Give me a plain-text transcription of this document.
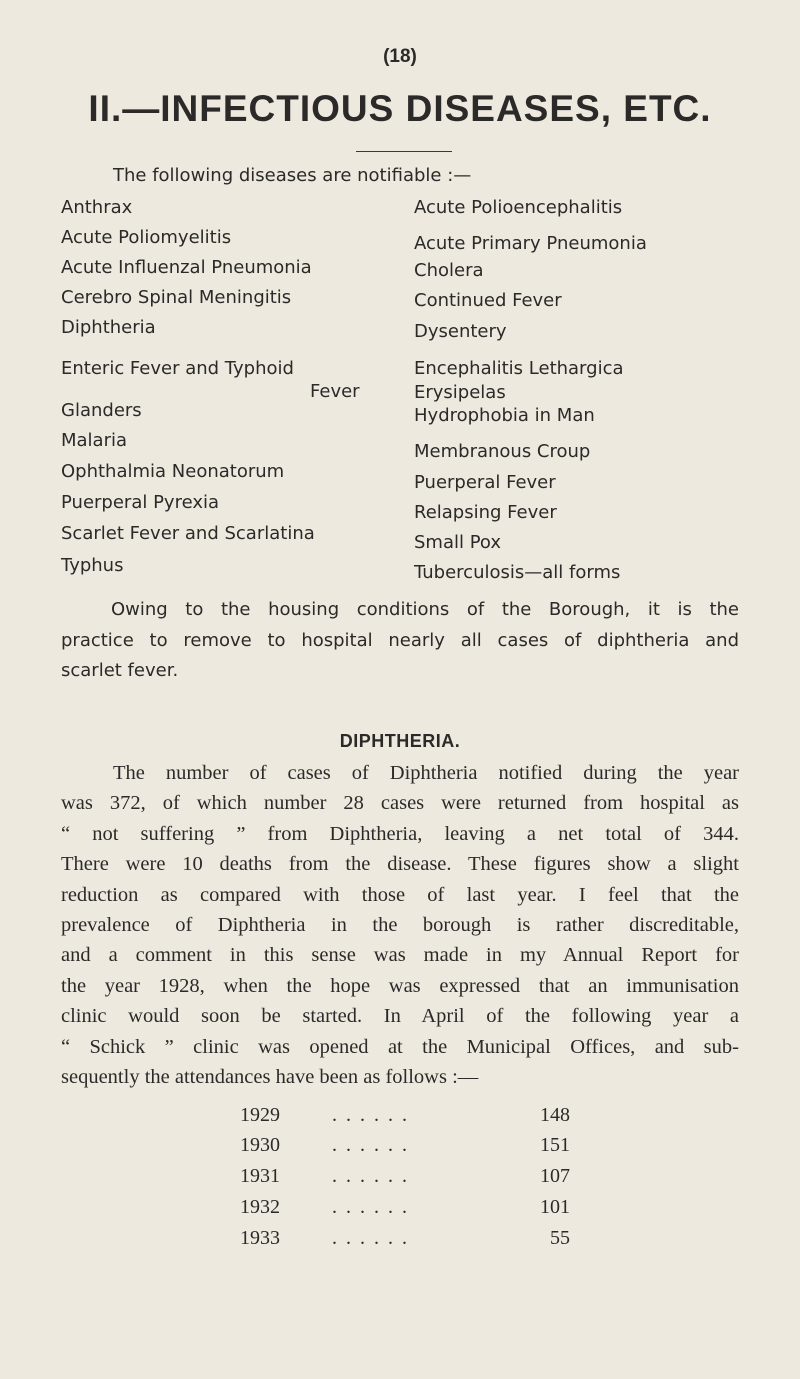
(18)
II.—INFECTIOUS DISEASES, ETC.
The following diseases are notifiable :—
Anthrax
Acute Poliomyelitis
Acute Influenzal Pneumonia
Cerebro Spinal Meningitis
Diphtheria
Enteric Fever and Typhoid
Glanders
Malaria
Ophthalmia Neonatorum
Puerperal Pyrexia
Scarlet Fever and Scarlatina
Typhus
Fever
Acute Polioencephalitis
Acute Primary Pneumonia
Cholera
Continued Fever
Dysentery
Encephalitis Lethargica
Erysipelas
Hydrophobia in Man
Membranous Croup
Puerperal Fever
Relapsing Fever
Small Pox
Tuberculosis—all forms
Owing to the housing conditions of the Borough, it is the
practice to remove to hospital nearly all cases of diphtheria and
scarlet fever.
DIPHTHERIA.
The number of cases of Diphtheria notified during the year
was 372, of which number 28 cases were returned from hospital as
“ not suffering ” from Diphtheria, leaving a net total of 344.
There were 10 deaths from the disease. These figures show a slight
reduction as compared with those of last year. I feel that the
prevalence of Diphtheria in the borough is rather discreditable,
and a comment in this sense was made in my Annual Report for
the year 1928, when the hope was expressed that an immunisation
clinic would soon be started. In April of the following year a
“ Schick ” clinic was opened at the Municipal Offices, and sub-
sequently the attendances have been as follows :—
1929	. . . . . .	148
1930	. . . . . .	151
1931	. . . . . .	107
1932	. . . . . .	101
1933	. . . . . .	55
